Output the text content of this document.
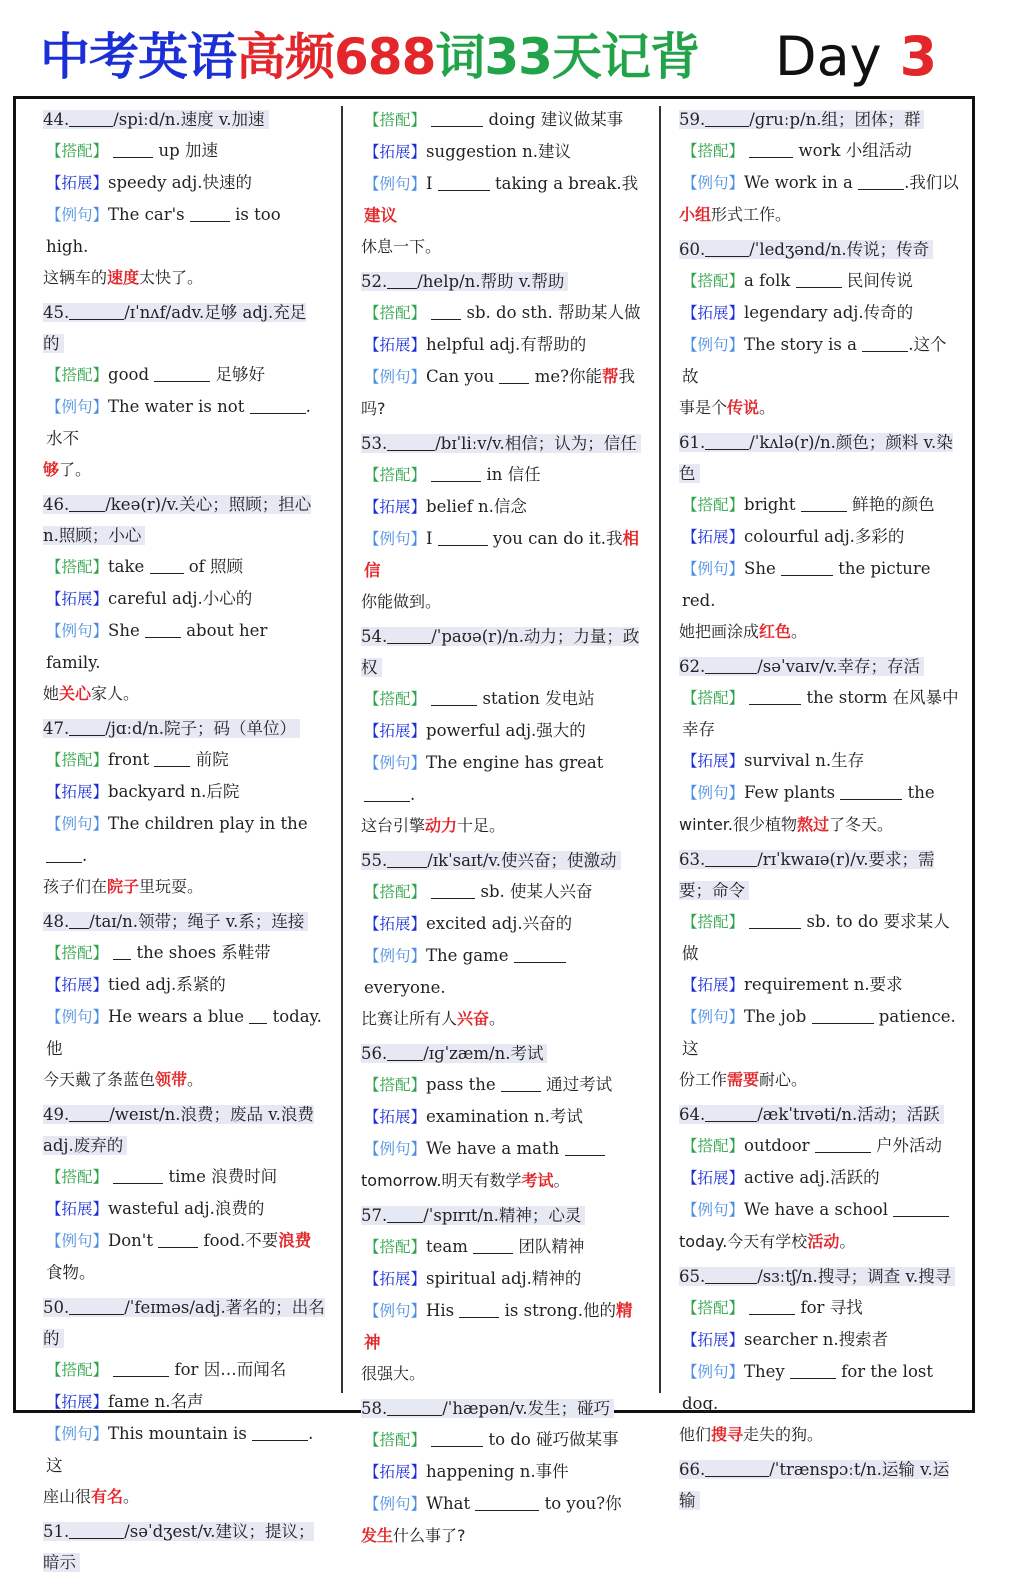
中考英语高频688词33天记背 Day 3
44.	/spiːd/n.速度 v.加速
【搭配】	up 加速
【拓展】speedy adj.快速的
【例句】The car's	is too high.
这辆车的速度太快了。
45.	/ɪˈnʌf/adv.足够 adj.充足的
【搭配】good	足够好
【例句】The water is not	.水不
够了。
46. /keə(r)/v.关心；照顾；担心 n.照顾；小心
【搭配】take	of 照顾
【拓展】careful adj.小心的
【例句】She	about her family.
她关心家人。
47. /jɑːd/n.院子；码（单位）
【搭配】front	前院
【拓展】backyard n.后院
【例句】The children play in the .
孩子们在院子里玩耍。
48. /taɪ/n.领带；绳子 v.系；连接
【搭配】 the shoes 系鞋带
【拓展】tied adj.系紧的
【例句】He wears a blue today.他
今天戴了条蓝色领带。
49. /weɪst/n.浪费；废品 v.浪费 adj.废弃的
【搭配】	time 浪费时间
【拓展】wasteful adj.浪费的
【例句】Don't	food.不要浪费食物。
50.	/ˈfeɪməs/adj.著名的；出名的
【搭配】	for 因…而闻名
【拓展】fame n.名声
【例句】This mountain is	.这
座山很有名。
51.	/səˈdʒest/v.建议；提议；暗示
【搭配】	doing 建议做某事
【拓展】suggestion n.建议
【例句】I	taking a break.我建议
休息一下。
52. /help/n.帮助 v.帮助
【搭配】 sb. do sth. 帮助某人做
【拓展】helpful adj.有帮助的
【例句】Can you me?你能帮我
吗?
53.	/bɪˈliːv/v.相信；认为；信任
【搭配】	in 信任
【拓展】belief n.信念
【例句】I	you can do it.我相信
你能做到。
54.	/ˈpaʊə(r)/n.动力；力量；政权
【搭配】	station 发电站
【拓展】powerful adj.强大的
【例句】The engine has great .
这台引擎动力十足。
55. /ɪkˈsaɪt/v.使兴奋；使激动
【搭配】	sb. 使某人兴奋
【拓展】excited adj.兴奋的
【例句】The game  everyone.
比赛让所有人兴奋。
56. /ɪɡˈzæm/n.考试
【搭配】pass the	通过考试
【拓展】examination n.考试
【例句】We have a math
tomorrow.明天有数学考试。
57. /ˈspɪrɪt/n.精神；心灵
【搭配】team	团队精神
【拓展】spiritual adj.精神的
【例句】His	is strong.他的精神
很强大。
58.	/ˈhæpən/v.发生；碰巧
【搭配】	to do 碰巧做某事
【拓展】happening n.事件
【例句】What	to you?你
发生什么事了?
59.	/ɡruːp/n.组；团体；群
【搭配】	work 小组活动
【例句】We work in a	.我们以
小组形式工作。
60.	/ˈledʒənd/n.传说；传奇
【搭配】a folk	民间传说
【拓展】legendary adj.传奇的
【例句】The story is a	.这个故
事是个传说。
61.	/ˈkʌlə(r)/n.颜色；颜料 v.染色
【搭配】bright	鲜艳的颜色
【拓展】colourful adj.多彩的
【例句】She	the picture red.
她把画涂成红色。
62.	/səˈvaɪv/v.幸存；存活
【搭配】	the storm 在风暴中幸存
【拓展】survival n.生存
【例句】Few plants	the
winter.很少植物熬过了冬天。
63.	/rɪˈkwaɪə(r)/v.要求；需要；命令
【搭配】	sb. to do 要求某人做
【拓展】requirement n.要求
【例句】The job	patience.这
份工作需要耐心。
64.	/ækˈtɪvəti/n.活动；活跃
【搭配】outdoor	户外活动
【拓展】active adj.活跃的
【例句】We have a school
today.今天有学校活动。
65.	/sɜːtʃ/n.搜寻；调查 v.搜寻
【搭配】	for 寻找
【拓展】searcher n.搜索者
【例句】They	for the lost dog.
他们搜寻走失的狗。
66.	/ˈtrænspɔːt/n.运输 v.运输
